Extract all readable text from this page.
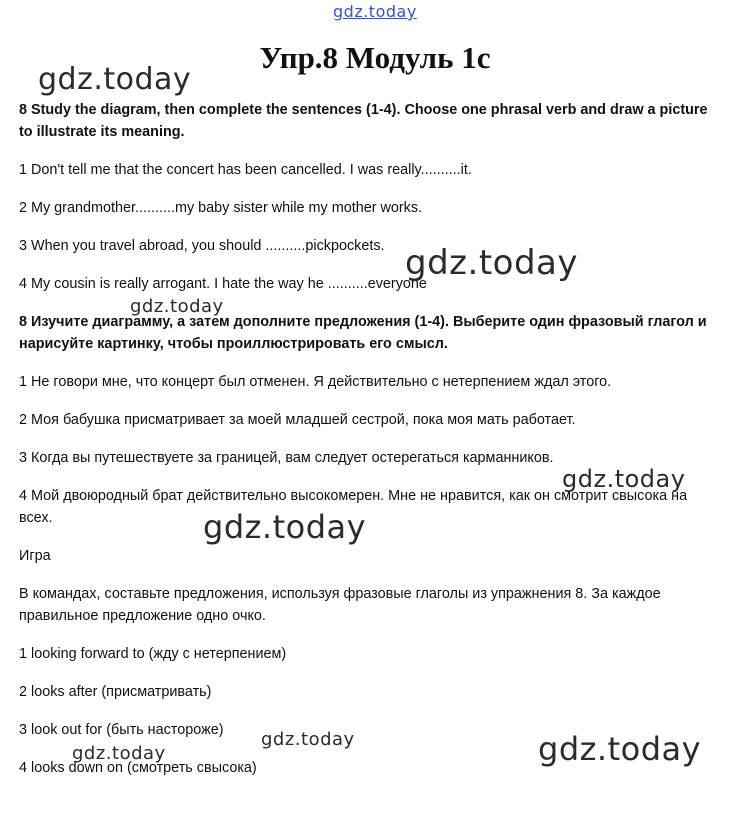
Упр.8 Модуль 1с

8 Study the diagram, then complete the sentences (1-4). Choose one phrasal verb and draw a picture to illustrate its meaning.

1 Don't tell me that the concert has been cancelled. I was really..........it.

2 My grandmother..........my baby sister while my mother works.

3 When you travel abroad, you should ..........pickpockets.

4 My cousin is really arrogant. I hate the way he ..........everyone

8 Изучите диаграмму, а затем дополните предложения (1-4). Выберите один фразовый глагол и нарисуйте картинку, чтобы проиллюстрировать его смысл.

1 Не говори мне, что концерт был отменен. Я действительно с нетерпением ждал этого.

2 Моя бабушка присматривает за моей младшей сестрой, пока моя мать работает.

3 Когда вы путешествуете за границей, вам следует остерегаться карманников.

4 Мой двоюродный брат действительно высокомерен. Мне не нравится, как он смотрит свысока на всех.

Игра

В командах, составьте предложения, используя фразовые глаголы из упражнения 8. За каждое правильное предложение одно очко.

1 looking forward to (жду с нетерпением)

2 looks after (присматривать)

3 look out for (быть настороже)

4 looks down on (смотреть свысока)

gdz.today
gdz.today
gdz.today
gdz.today
gdz.today
gdz.today
gdz.today	gdz.today
gdz.today
